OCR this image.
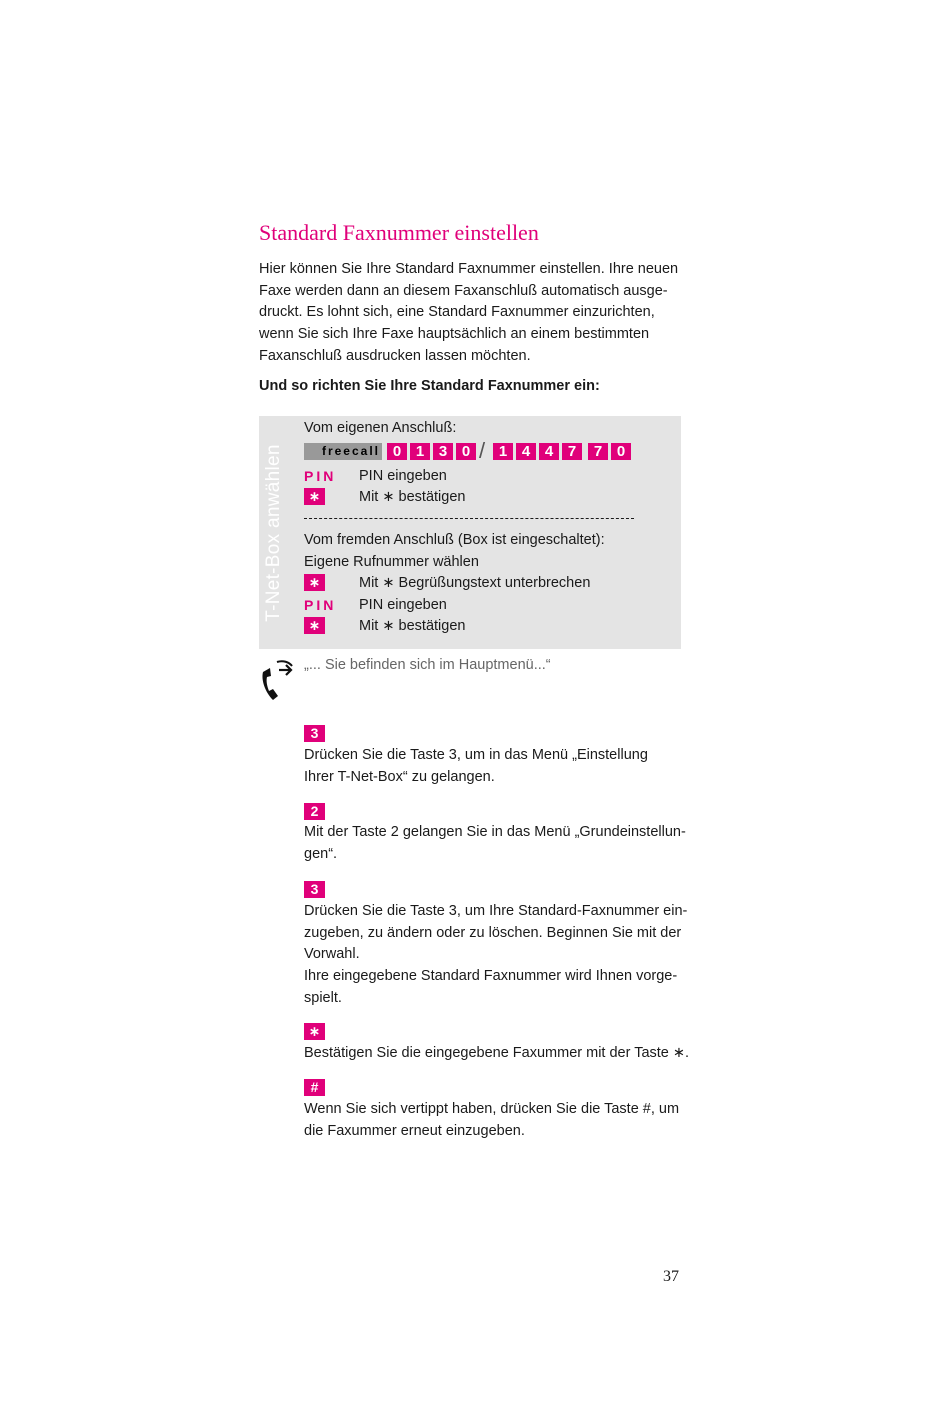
Standard Faxnummer einstellen

Hier können Sie Ihre Standard Faxnummer einstellen. Ihre neuen
Faxe werden dann an diesem Faxanschluß automatisch ausge-
druckt. Es lohnt sich, eine Standard Faxnummer einzurichten,
wenn Sie sich Ihre Faxe hauptsächlich an einem bestimmten
Faxanschluß ausdrucken lassen möchten.

Und so richten Sie Ihre Standard Faxnummer ein:

T-Net-Box anwählen
Vom eigenen Anschluß:
freecall 0 1 3 0 / 1 4 4 7	7 0
PIN PIN eingeben
∗	Mit ∗ bestätigen
Vom fremden Anschluß (Box ist eingeschaltet):
Eigene Rufnummer wählen
∗	Mit ∗ Begrüßungstext unterbrechen
PIN PIN eingeben
∗	Mit ∗ bestätigen
„... Sie befinden sich im Hauptmenü...“
3
Drücken Sie die Taste 3, um in das Menü „Einstellung
Ihrer T-Net-Box“ zu gelangen.
2
Mit der Taste 2 gelangen Sie in das Menü „Grundeinstellun-
gen“.
3
Drücken Sie die Taste 3, um Ihre Standard-Faxnummer ein-
zugeben, zu ändern oder zu löschen. Beginnen Sie mit der
Vorwahl.
Ihre eingegebene Standard Faxnummer wird Ihnen vorge-
spielt.
∗
Bestätigen Sie die eingegebene Faxummer mit der Taste ∗.
#
Wenn Sie sich vertippt haben, drücken Sie die Taste #, um
die Faxummer erneut einzugeben.
37
